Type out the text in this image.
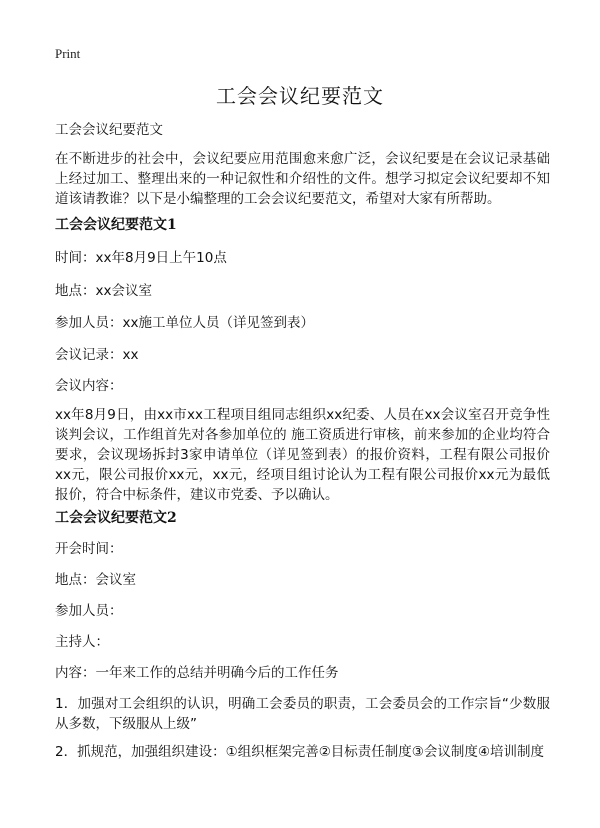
Print
工会会议纪要范文
工会会议纪要范文
在不断进步的社会中，会议纪要应用范围愈来愈广泛，会议纪要是在会议记录基础上经过加工、整理出来的一种记叙性和介绍性的文件。想学习拟定会议纪要却不知道该请教谁？以下是小编整理的工会会议纪要范文，希望对大家有所帮助。
工会会议纪要范文1
时间：xx年8月9日上午10点
地点：xx会议室
参加人员：xx施工单位人员（详见签到表）
会议记录：xx
会议内容：
xx年8月9日，由xx市xx工程项目组同志组织xx纪委、人员在xx会议室召开竞争性谈判会议，工作组首先对各参加单位的 施工资质进行审核，前来参加的企业均符合要求，会议现场拆封3家申请单位（详见签到表）的报价资料，工程有限公司报价xx元，限公司报价xx元，xx元，经项目组讨论认为工程有限公司报价xx元为最低报价，符合中标条件，建议市党委、予以确认。
工会会议纪要范文2
开会时间：
地点：会议室
参加人员：
主持人：
内容：一年来工作的总结并明确今后的工作任务
1．加强对工会组织的认识，明确工会委员的职责，工会委员会的工作宗旨“少数服从多数，下级服从上级”
2．抓规范，加强组织建设：①组织框架完善②目标责任制度③会议制度④培训制度
